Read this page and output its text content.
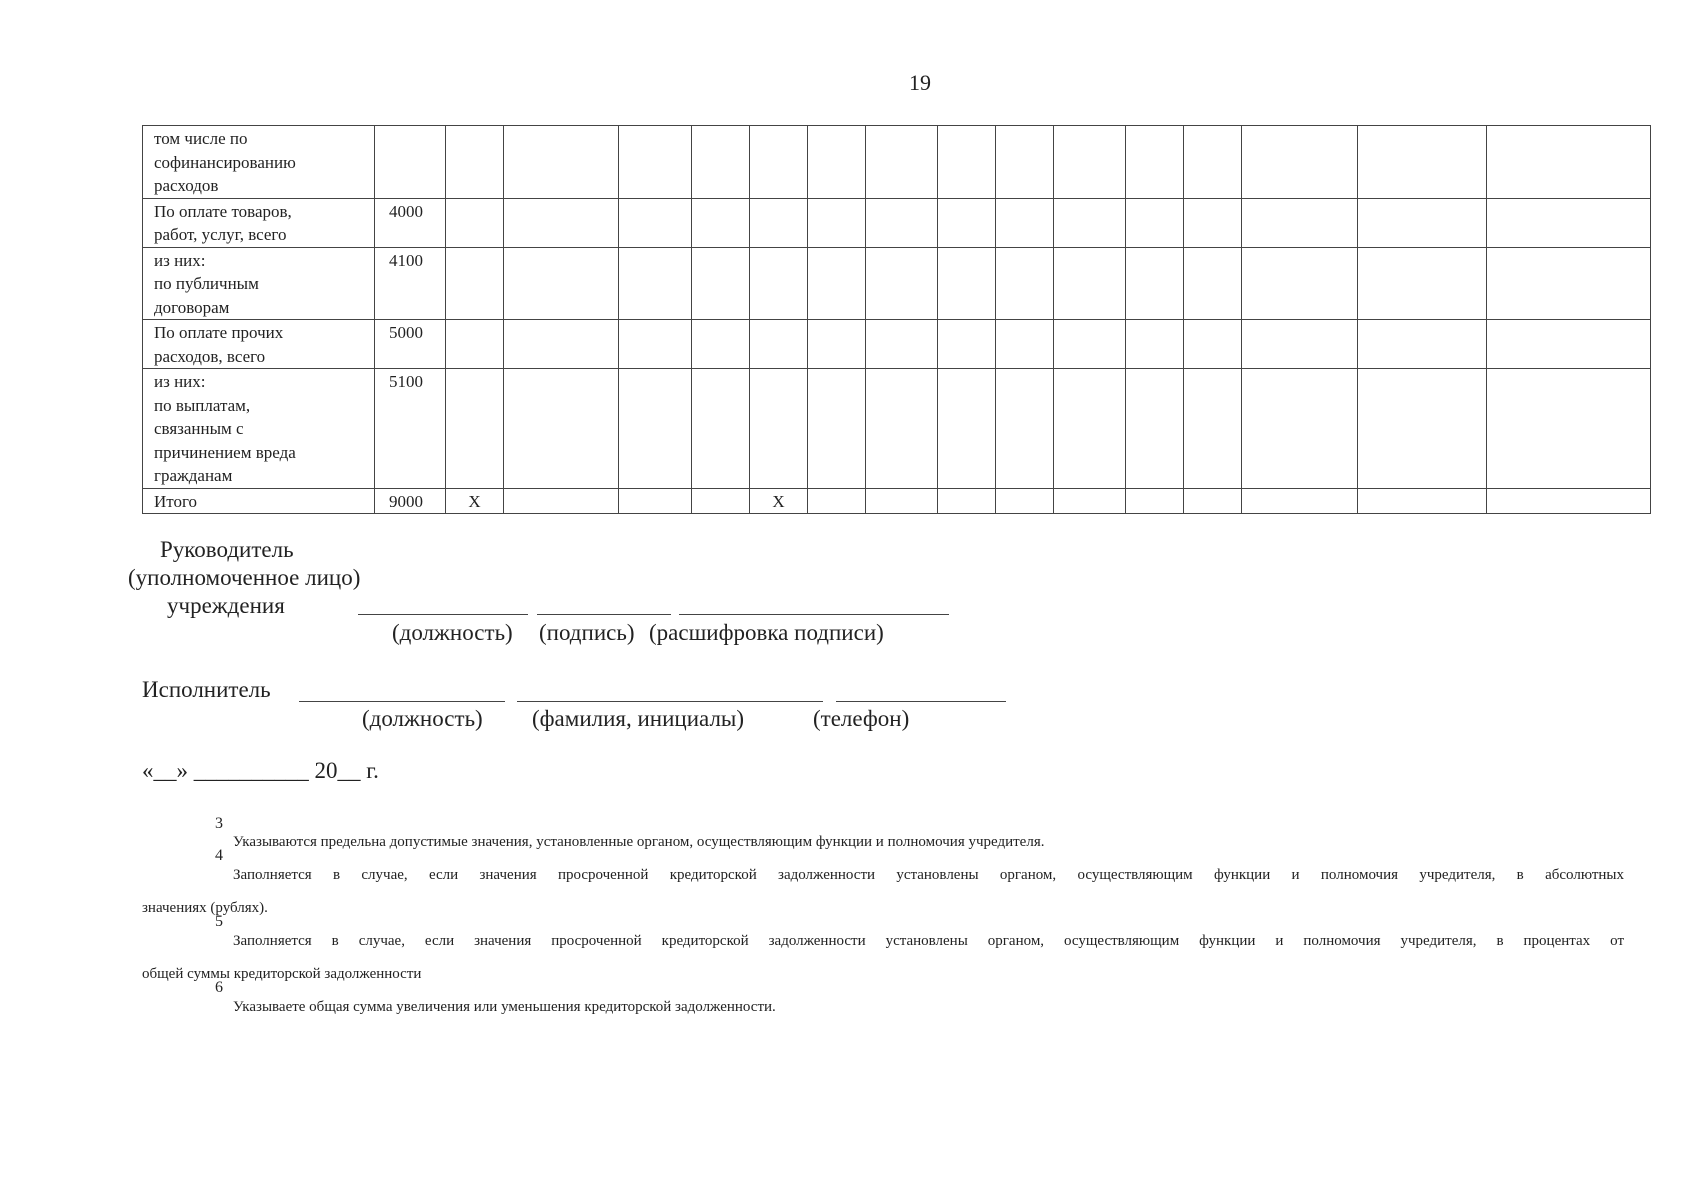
19
том числе по
софинансированию
расходов																

По оплате товаров,
работ, услуг, всего	4000															

из них:
по публичным
договорам	4100															

По оплате прочих
расходов, всего	5000															

из них:
по выплатам,
связанным с
причинением вреда
гражданам	5100															

Итого	9000	X				X										
Руководитель
(уполномоченное лицо)
учреждения
(должность) (подпись) (расшифровка подписи)
Исполнитель
(должность) (фамилия, инициалы)	(телефон)
«__» __________ 20__ г.
3
Указываются предельна допустимые значения, установленные органом, осуществляющим функции и полномочия учредителя.
4
Заполняется в случае, если значения просроченной кредиторской задолженности установлены органом, осуществляющим функции и полномочия учредителя, в абсолютных
значениях (рублях).
5
Заполняется в случае, если значения просроченной кредиторской задолженности установлены органом, осуществляющим функции и полномочия учредителя, в процентах от
общей суммы кредиторской задолженности
6
Указываете общая сумма увеличения или уменьшения кредиторской задолженности.
